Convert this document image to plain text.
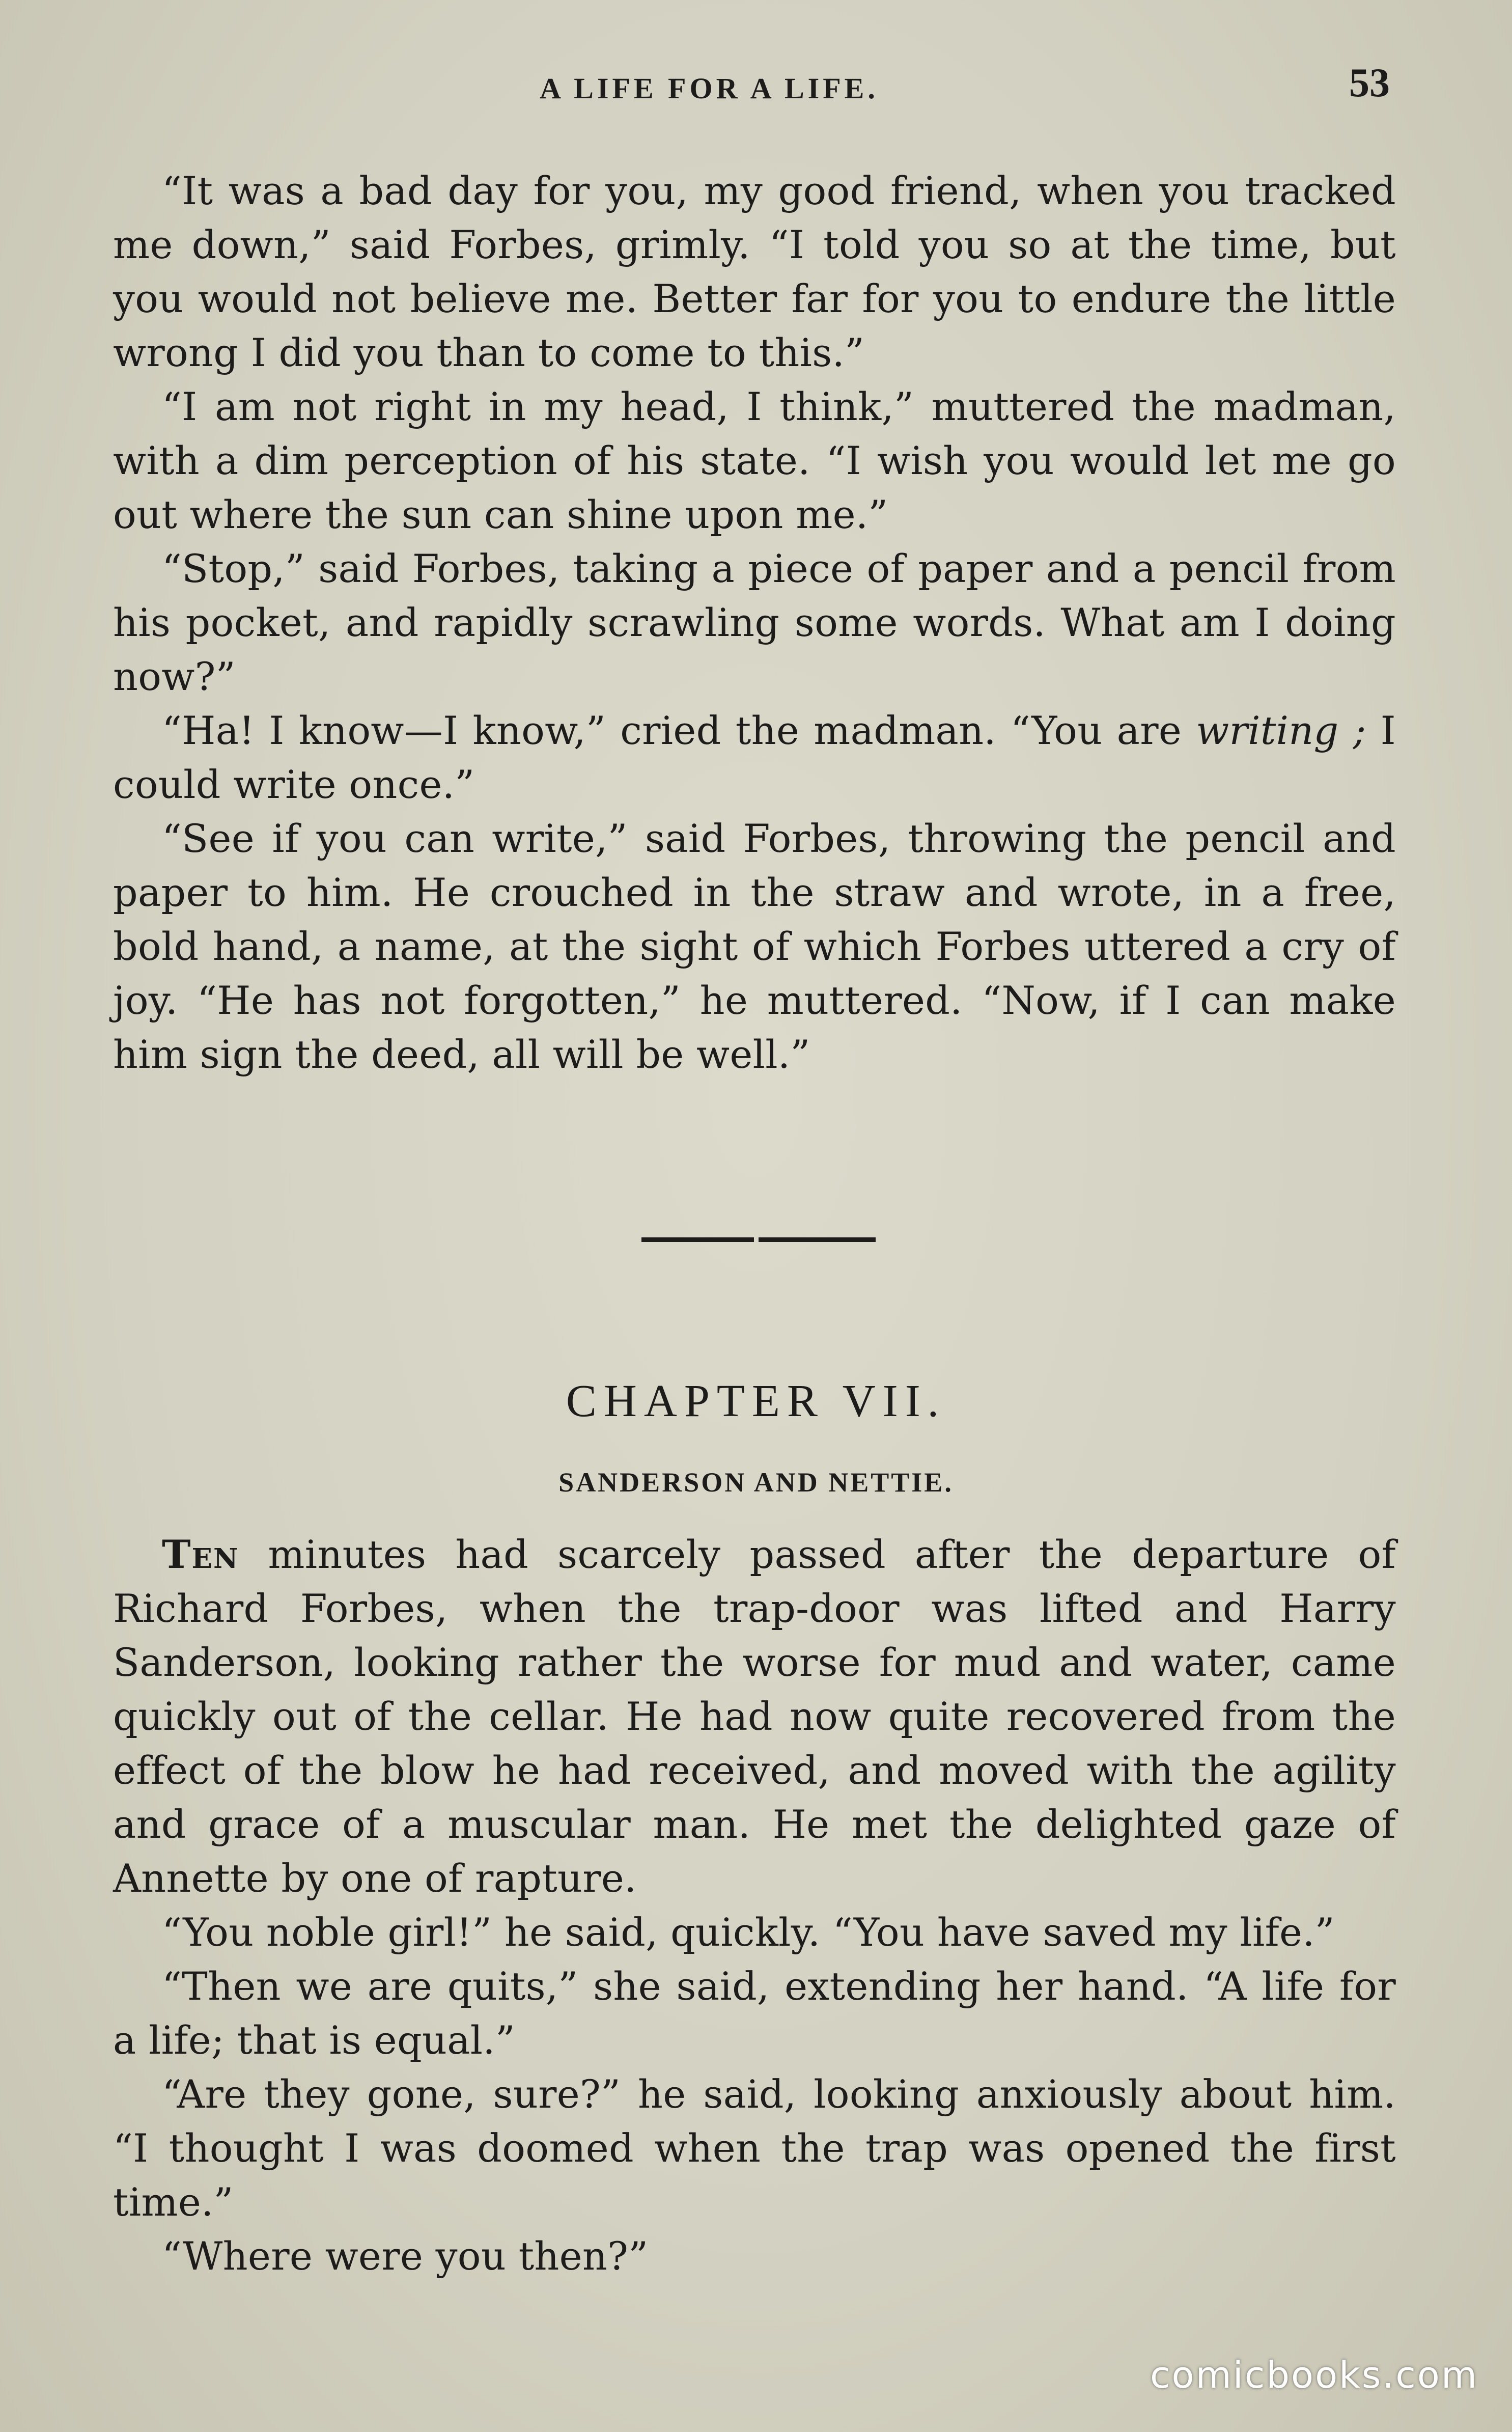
A LIFE FOR A LIFE.	53

“It was a bad day for you, my good friend, when you tracked me down,” said Forbes, grimly. “I told you so at the time, but you would not believe me. Better far for you to endure the little wrong I did you than to come to this.”

“I am not right in my head, I think,” muttered the madman, with a dim perception of his state. “I wish you would let me go out where the sun can shine upon me.”

“Stop,” said Forbes, taking a piece of paper and a pencil from his pocket, and rapidly scrawling some words. What am I doing now?”

“Ha! I know—I know,” cried the madman. “You are writing ; I could write once.”

“See if you can write,” said Forbes, throwing the pencil and paper to him. He crouched in the straw and wrote, in a free, bold hand, a name, at the sight of which Forbes uttered a cry of joy. “He has not forgotten,” he muttered. “Now, if I can make him sign the deed, all will be well.”

CHAPTER VII.
SANDERSON AND NETTIE.

Ten minutes had scarcely passed after the departure of Richard Forbes, when the trap-door was lifted and Harry Sanderson, looking rather the worse for mud and water, came quickly out of the cellar. He had now quite recovered from the effect of the blow he had received, and moved with the agility and grace of a muscular man. He met the delighted gaze of Annette by one of rapture.

“You noble girl!” he said, quickly. “You have saved my life.”

“Then we are quits,” she said, extending her hand. “A life for a life; that is equal.”

“Are they gone, sure?” he said, looking anxiously about him. “I thought I was doomed when the trap was opened the first time.”

“Where were you then?”

comicbooks.com
